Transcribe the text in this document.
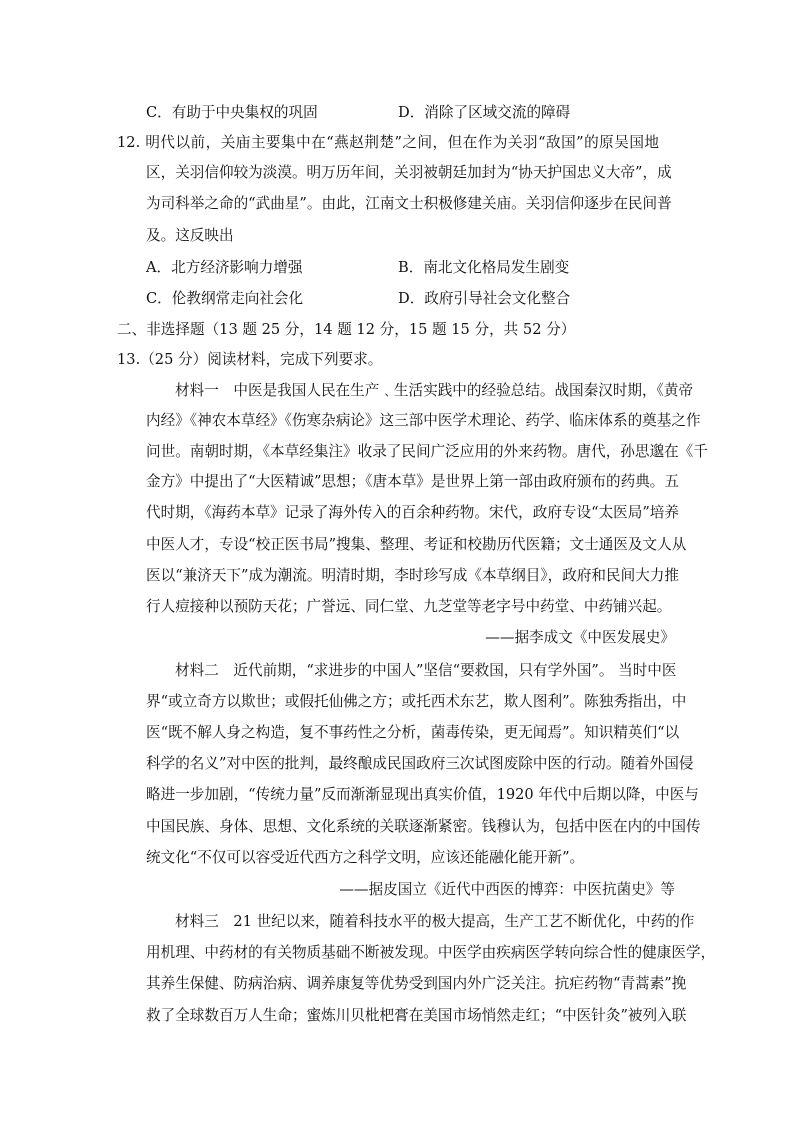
C．有助于中央集权的巩固	D．消除了区域交流的障碍
12. 明代以前，关庙主要集中在“燕赵荆楚”之间，但在作为关羽“敌国”的原吴国地
区，关羽信仰较为淡漠。明万历年间，关羽被朝廷加封为“协天护国忠义大帝”，成
为司科举之命的“武曲星”。由此，江南文士积极修建关庙。关羽信仰逐步在民间普
及。这反映出
A．北方经济影响力增强	B．南北文化格局发生剧变
C．伦教纲常走向社会化	D．政府引导社会文化整合
二、非选择题（13 题 25 分，14 题 12 分，15 题 15 分，共 52 分）
13.（25 分）阅读材料，完成下列要求。
材料一　中医是我国人民在生产﹑生活实践中的经验总结。战国秦汉时期，《黄帝
内经》《神农本草经》《伤寒杂病论》这三部中医学术理论、药学、临床体系的奠基之作
问世。南朝时期，《本草经集注》收录了民间广泛应用的外来药物。唐代，孙思邈在《千
金方》中提出了“大医精诚”思想；《唐本草》是世界上第一部由政府颁布的药典。五
代时期，《海药本草》记录了海外传入的百余种药物。宋代，政府专设“太医局”培养
中医人才，专设“校正医书局”搜集、整理、考证和校勘历代医籍；文士通医及文人从
医以“兼济天下”成为潮流。明清时期，李时珍写成《本草纲目》，政府和民间大力推
行人痘接种以预防天花；广誉远、同仁堂、九芝堂等老字号中药堂、中药铺兴起。
——据李成文《中医发展史》
材料二　近代前期，“求进步的中国人”坚信“要救国，只有学外国”。 当时中医
界“或立奇方以欺世；或假托仙佛之方；或托西术东艺，欺人图利”。陈独秀指出，中
医“既不解人身之构造，复不事药性之分析，菌毒传染，更无闻焉”。知识精英们“以
科学的名义”对中医的批判，最终酿成民国政府三次试图废除中医的行动。随着外国侵
略进一步加剧，“传统力量”反而渐渐显现出真实价值，1920 年代中后期以降，中医与
中国民族、身体、思想、文化系统的关联逐渐紧密。钱穆认为，包括中医在内的中国传
统文化“不仅可以容受近代西方之科学文明，应该还能融化能开新”。
——据皮国立《近代中西医的博弈：中医抗菌史》等
材料三　21 世纪以来，随着科技水平的极大提高，生产工艺不断优化，中药的作
用机理、中药材的有关物质基础不断被发现。中医学由疾病医学转向综合性的健康医学，
其养生保健、防病治病、调养康复等优势受到国内外广泛关注。抗疟药物“青蒿素”挽
救了全球数百万人生命；蜜炼川贝枇杷膏在美国市场悄然走红；“中医针灸”被列入联
